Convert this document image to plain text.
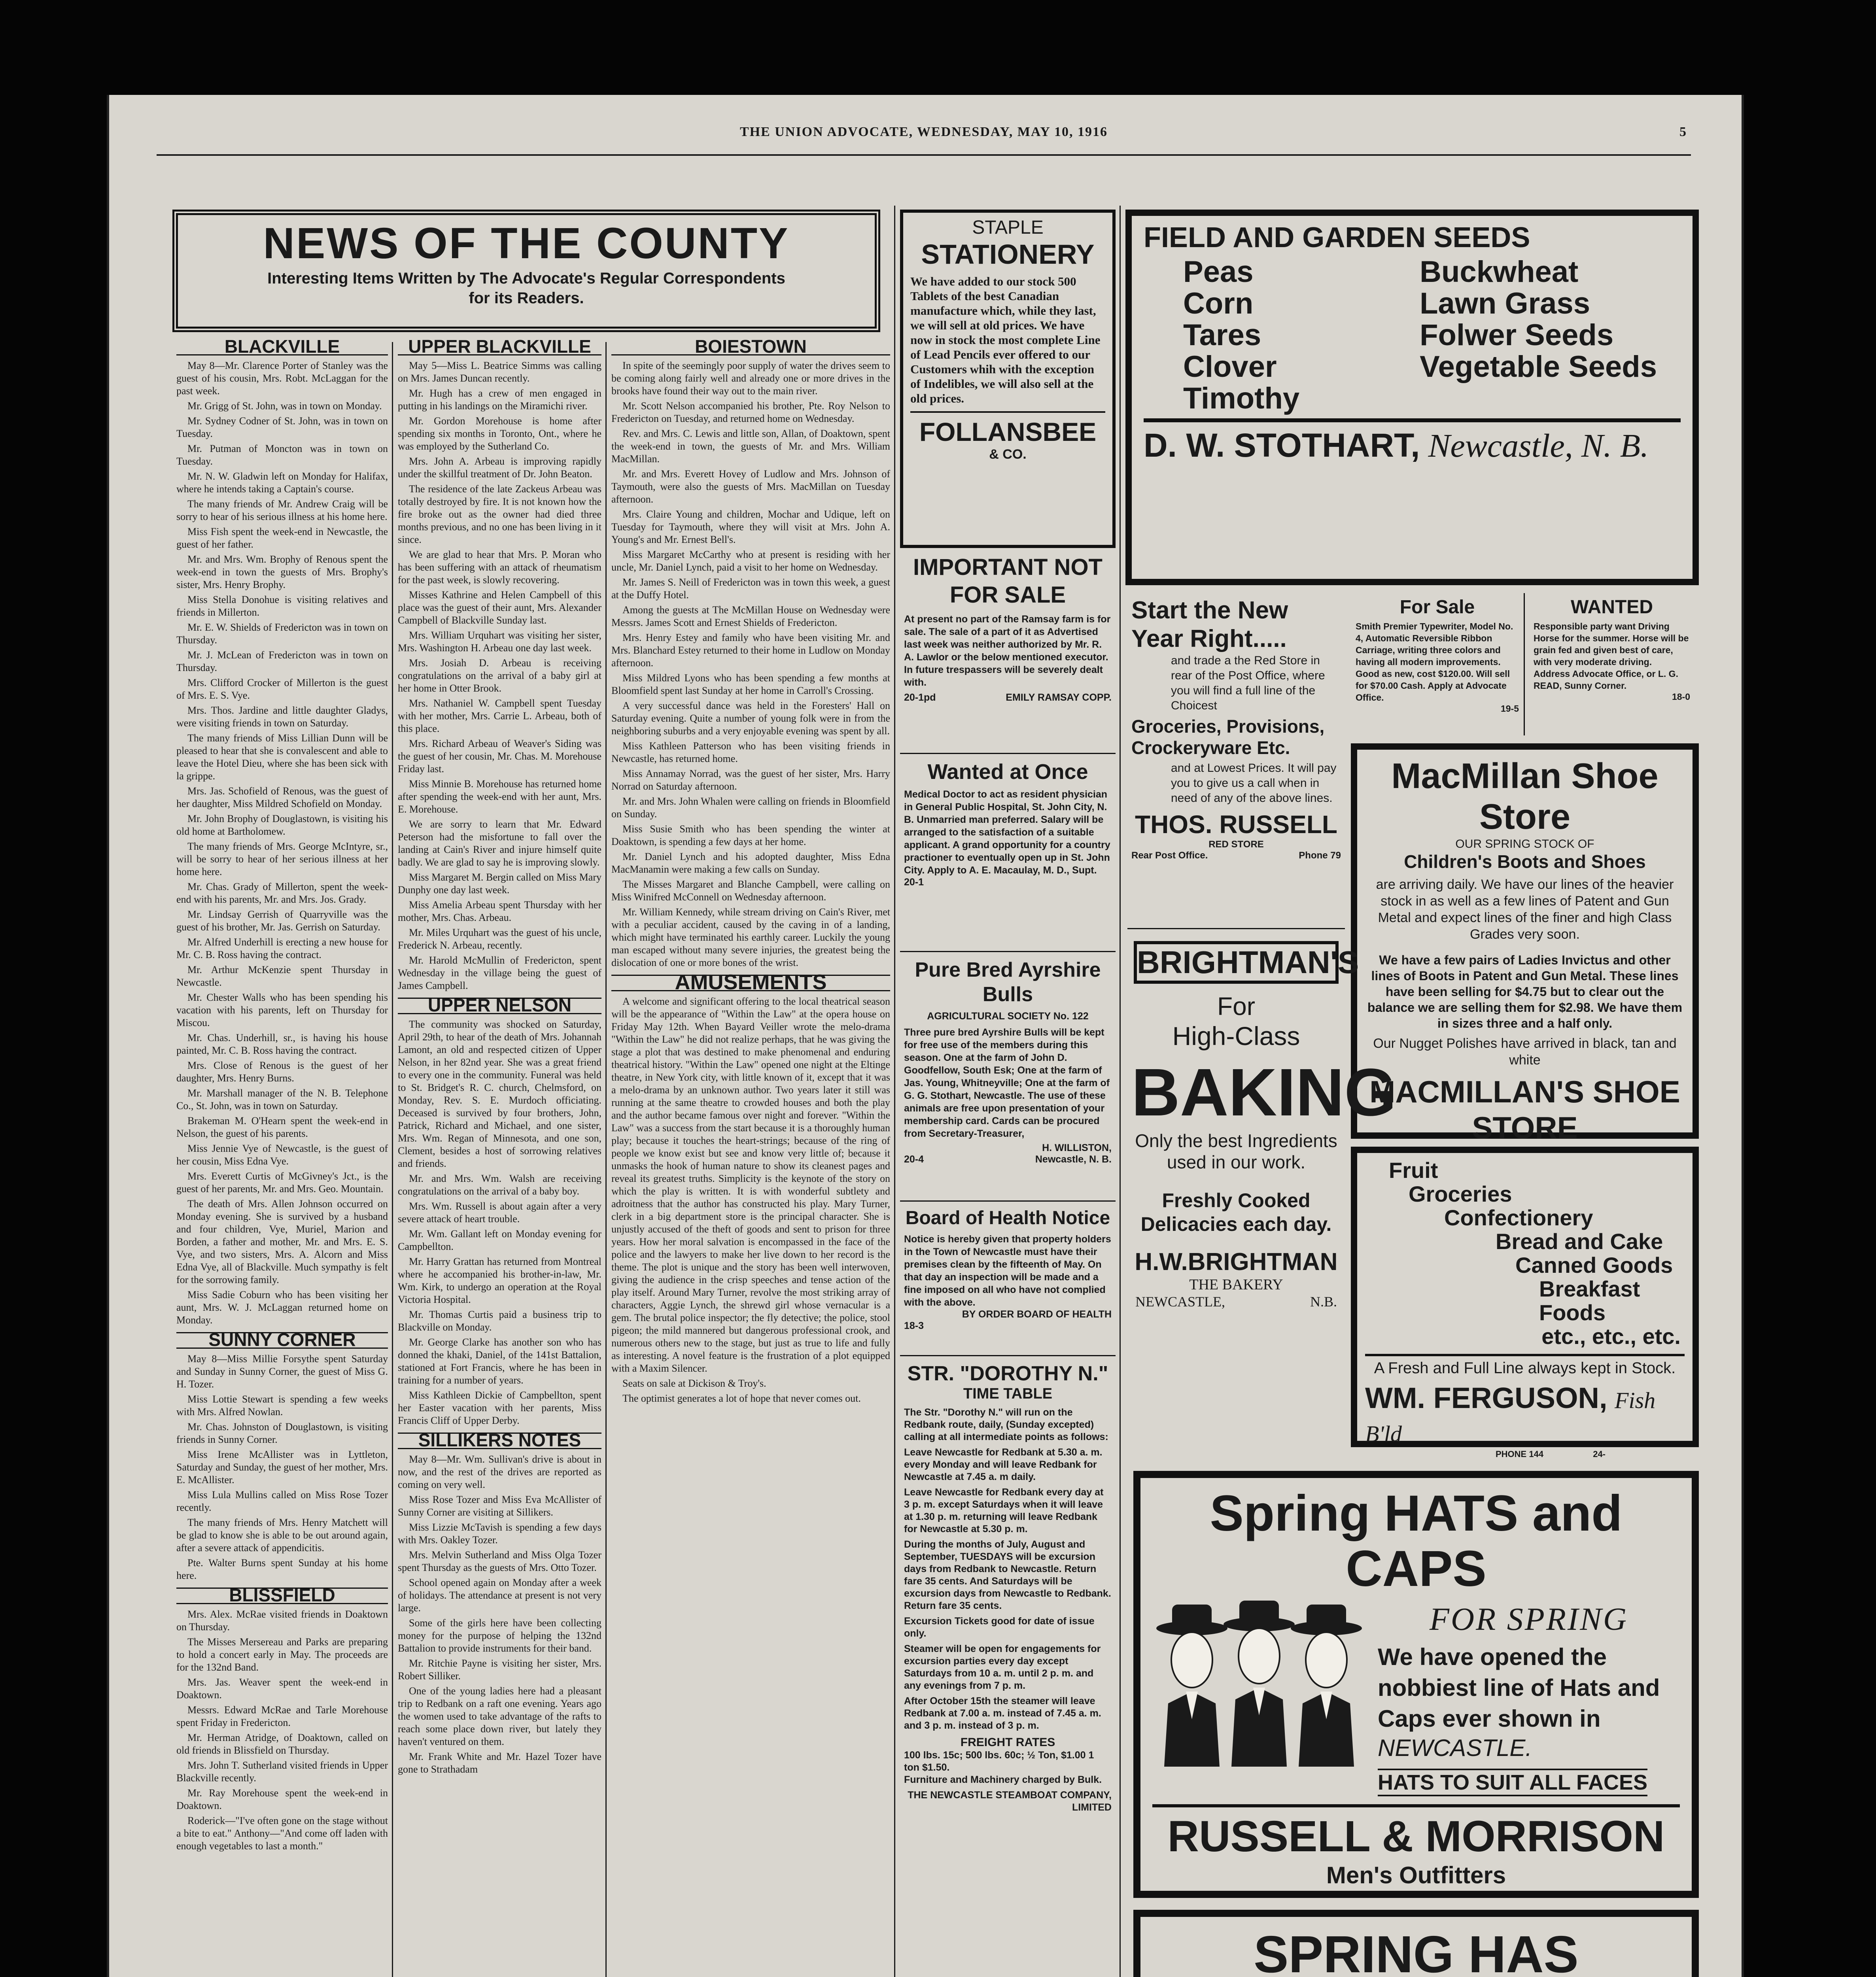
THE UNION ADVOCATE, WEDNESDAY, MAY 10, 1916	5
NEWS OF THE COUNTY
Interesting Items Written by The Advocate's Regular Correspondents for its Readers.
BLACKVILLE

May 8—Mr. Clarence Porter of Stanley was the guest of his cousin, Mrs. Robt. McLaggan for the past week.

Mr. Grigg of St. John, was in town on Monday.

Mr. Sydney Codner of St. John, was in town on Tuesday.

Mr. Putman of Moncton was in town on Tuesday.

Mr. N. W. Gladwin left on Monday for Halifax, where he intends taking a Captain's course.

The many friends of Mr. Andrew Craig will be sorry to hear of his serious illness at his home here.

Miss Fish spent the week-end in Newcastle, the guest of her father.

Mr. and Mrs. Wm. Brophy of Renous spent the week-end in town the guests of Mrs. Brophy's sister, Mrs. Henry Brophy.

Miss Stella Donohue is visiting relatives and friends in Millerton.

Mr. E. W. Shields of Fredericton was in town on Thursday.

Mr. J. McLean of Fredericton was in town on Thursday.

Mrs. Clifford Crocker of Millerton is the guest of Mrs. E. S. Vye.

Mrs. Thos. Jardine and little daughter Gladys, were visiting friends in town on Saturday.

The many friends of Miss Lillian Dunn will be pleased to hear that she is convalescent and able to leave the Hotel Dieu, where she has been sick with la grippe.

Mrs. Jas. Schofield of Renous, was the guest of her daughter, Miss Mildred Schofield on Monday.

Mr. John Brophy of Douglastown, is visiting his old home at Bartholomew.

The many friends of Mrs. George McIntyre, sr., will be sorry to hear of her serious illness at her home here.

Mr. Chas. Grady of Millerton, spent the week-end with his parents, Mr. and Mrs. Jos. Grady.

Mr. Lindsay Gerrish of Quarryville was the guest of his brother, Mr. Jas. Gerrish on Saturday.

Mr. Alfred Underhill is erecting a new house for Mr. C. B. Ross having the contract.

Mr. Arthur McKenzie spent Thursday in Newcastle.

Mr. Chester Walls who has been spending his vacation with his parents, left on Thursday for Miscou.

Mr. Chas. Underhill, sr., is having his house painted, Mr. C. B. Ross having the contract.

Mrs. Close of Renous is the guest of her daughter, Mrs. Henry Burns.

Mr. Marshall manager of the N. B. Telephone Co., St. John, was in town on Saturday.

Brakeman M. O'Hearn spent the week-end in Nelson, the guest of his parents.

Miss Jennie Vye of Newcastle, is the guest of her cousin, Miss Edna Vye.

Mrs. Everett Curtis of McGivney's Jct., is the guest of her parents, Mr. and Mrs. Geo. Mountain.

The death of Mrs. Allen Johnson occurred on Monday evening. She is survived by a husband and four children, Vye, Muriel, Marion and Borden, a father and mother, Mr. and Mrs. E. S. Vye, and two sisters, Mrs. A. Alcorn and Miss Edna Vye, all of Blackville. Much sympathy is felt for the sorrowing family.

Miss Sadie Coburn who has been visiting her aunt, Mrs. W. J. McLaggan returned home on Monday.

SUNNY CORNER

May 8—Miss Millie Forsythe spent Saturday and Sunday in Sunny Corner, the guest of Miss G. H. Tozer.

Miss Lottie Stewart is spending a few weeks with Mrs. Alfred Nowlan.

Mr. Chas. Johnston of Douglastown, is visiting friends in Sunny Corner.

Miss Irene McAllister was in Lyttleton, Saturday and Sunday, the guest of her mother, Mrs. E. McAllister.

Miss Lula Mullins called on Miss Rose Tozer recently.

The many friends of Mrs. Henry Matchett will be glad to know she is able to be out around again, after a severe attack of appendicitis.

Pte. Walter Burns spent Sunday at his home here.

BLISSFIELD

Mrs. Alex. McRae visited friends in Doaktown on Thursday.

The Misses Mersereau and Parks are preparing to hold a concert early in May. The proceeds are for the 132nd Band.

Mrs. Jas. Weaver spent the week-end in Doaktown.

Messrs. Edward McRae and Tarle Morehouse spent Friday in Fredericton.

Mr. Herman Atridge, of Doaktown, called on old friends in Blissfield on Thursday.

Mrs. John T. Sutherland visited friends in Upper Blackville recently.

Mr. Ray Morehouse spent the week-end in Doaktown.

Roderick—"I've often gone on the stage without a bite to eat." Anthony—"And come off laden with enough vegetables to last a month."

UPPER BLACKVILLE

May 5—Miss L. Beatrice Simms was calling on Mrs. James Duncan recently.

Mr. Hugh has a crew of men engaged in putting in his landings on the Miramichi river.

Mr. Gordon Morehouse is home after spending six months in Toronto, Ont., where he was employed by the Sutherland Co.

Mrs. John A. Arbeau is improving rapidly under the skillful treatment of Dr. John Beaton.

The residence of the late Zackeus Arbeau was totally destroyed by fire. It is not known how the fire broke out as the owner had died three months previous, and no one has been living in it since.

We are glad to hear that Mrs. P. Moran who has been suffering with an attack of rheumatism for the past week, is slowly recovering.

Misses Kathrine and Helen Campbell of this place was the guest of their aunt, Mrs. Alexander Campbell of Blackville Sunday last.

Mrs. William Urquhart was visiting her sister, Mrs. Washington H. Arbeau one day last week.

Mrs. Josiah D. Arbeau is receiving congratulations on the arrival of a baby girl at her home in Otter Brook.

Mrs. Nathaniel W. Campbell spent Tuesday with her mother, Mrs. Carrie L. Arbeau, both of this place.

Mrs. Richard Arbeau of Weaver's Siding was the guest of her cousin, Mr. Chas. M. Morehouse Friday last.

Miss Minnie B. Morehouse has returned home after spending the week-end with her aunt, Mrs. E. Morehouse.

We are sorry to learn that Mr. Edward Peterson had the misfortune to fall over the landing at Cain's River and injure himself quite badly. We are glad to say he is improving slowly.

Miss Margaret M. Bergin called on Miss Mary Dunphy one day last week.

Miss Amelia Arbeau spent Thursday with her mother, Mrs. Chas. Arbeau.

Mr. Miles Urquhart was the guest of his uncle, Frederick N. Arbeau, recently.

Mr. Harold McMullin of Fredericton, spent Wednesday in the village being the guest of James Campbell.

UPPER NELSON

The community was shocked on Saturday, April 29th, to hear of the death of Mrs. Johannah Lamont, an old and respected citizen of Upper Nelson, in her 82nd year. She was a great friend to every one in the community. Funeral was held to St. Bridget's R. C. church, Chelmsford, on Monday, Rev. S. E. Murdoch officiating. Deceased is survived by four brothers, John, Patrick, Richard and Michael, and one sister, Mrs. Wm. Regan of Minnesota, and one son, Clement, besides a host of sorrowing relatives and friends.

Mr. and Mrs. Wm. Walsh are receiving congratulations on the arrival of a baby boy.

Mrs. Wm. Russell is about again after a very severe attack of heart trouble.

Mr. Wm. Gallant left on Monday evening for Campbellton.

Mr. Harry Grattan has returned from Montreal where he accompanied his brother-in-law, Mr. Wm. Kirk, to undergo an operation at the Royal Victoria Hospital.

Mr. Thomas Curtis paid a business trip to Blackville on Monday.

Mr. George Clarke has another son who has donned the khaki, Daniel, of the 141st Battalion, stationed at Fort Francis, where he has been in training for a number of years.

Miss Kathleen Dickie of Campbellton, spent her Easter vacation with her parents, Miss Francis Cliff of Upper Derby.

SILLIKERS NOTES

May 8—Mr. Wm. Sullivan's drive is about in now, and the rest of the drives are reported as coming on very well.

Miss Rose Tozer and Miss Eva McAllister of Sunny Corner are visiting at Sillikers.

Miss Lizzie McTavish is spending a few days with Mrs. Oakley Tozer.

Mrs. Melvin Sutherland and Miss Olga Tozer spent Thursday as the guests of Mrs. Otto Tozer.

School opened again on Monday after a week of holidays. The attendance at present is not very large.

Some of the girls here have been collecting money for the purpose of helping the 132nd Battalion to provide instruments for their band.

Mr. Ritchie Payne is visiting her sister, Mrs. Robert Silliker.

One of the young ladies here had a pleasant trip to Redbank on a raft one evening. Years ago the women used to take advantage of the rafts to reach some place down river, but lately they haven't ventured on them.

Mr. Frank White and Mr. Hazel Tozer have gone to Strathadam

BOIESTOWN

In spite of the seemingly poor supply of water the drives seem to be coming along fairly well and already one or more drives in the brooks have found their way out to the main river.

Mr. Scott Nelson accompanied his brother, Pte. Roy Nelson to Fredericton on Tuesday, and returned home on Wednesday.

Rev. and Mrs. C. Lewis and little son, Allan, of Doaktown, spent the week-end in town, the guests of Mr. and Mrs. William MacMillan.

Mr. and Mrs. Everett Hovey of Ludlow and Mrs. Johnson of Taymouth, were also the guests of Mrs. MacMillan on Tuesday afternoon.

Mrs. Claire Young and children, Mochar and Udique, left on Tuesday for Taymouth, where they will visit at Mrs. John A. Young's and Mr. Ernest Bell's.

Miss Margaret McCarthy who at present is residing with her uncle, Mr. Daniel Lynch, paid a visit to her home on Wednesday.

Mr. James S. Neill of Fredericton was in town this week, a guest at the Duffy Hotel.

Among the guests at The McMillan House on Wednesday were Messrs. James Scott and Ernest Shields of Fredericton.

Mrs. Henry Estey and family who have been visiting Mr. and Mrs. Blanchard Estey returned to their home in Ludlow on Monday afternoon.

Miss Mildred Lyons who has been spending a few months at Bloomfield spent last Sunday at her home in Carroll's Crossing.

A very successful dance was held in the Foresters' Hall on Saturday evening. Quite a number of young folk were in from the neighboring suburbs and a very enjoyable evening was spent by all.

Miss Kathleen Patterson who has been visiting friends in Newcastle, has returned home.

Miss Annamay Norrad, was the guest of her sister, Mrs. Harry Norrad on Saturday afternoon.

Mr. and Mrs. John Whalen were calling on friends in Bloomfield on Sunday.

Miss Susie Smith who has been spending the winter at Doaktown, is spending a few days at her home.

Mr. Daniel Lynch and his adopted daughter, Miss Edna MacManamin were making a few calls on Sunday.

The Misses Margaret and Blanche Campbell, were calling on Miss Winifred McConnell on Wednesday afternoon.

Mr. William Kennedy, while stream driving on Cain's River, met with a peculiar accident, caused by the caving in of a landing, which might have terminated his earthly career. Luckily the young man escaped without many severe injuries, the greatest being the dislocation of one or more bones of the wrist.

AMUSEMENTS

A welcome and significant offering to the local theatrical season will be the appearance of "Within the Law" at the opera house on Friday May 12th. When Bayard Veiller wrote the melo-drama "Within the Law" he did not realize perhaps, that he was giving the stage a plot that was destined to make phenomenal and enduring theatrical history. "Within the Law" opened one night at the Eltinge theatre, in New York city, with little known of it, except that it was a melo-drama by an unknown author. Two years later it still was running at the same theatre to crowded houses and both the play and the author became famous over night and forever. "Within the Law" was a success from the start because it is a thoroughly human play; because it touches the heart-strings; because of the ring of people we know exist but see and know very little of; because it unmasks the hook of human nature to show its cleanest pages and reveal its greatest truths. Simplicity is the keynote of the story on which the play is written. It is with wonderful subtlety and adroitness that the author has constructed his play. Mary Turner, clerk in a big department store is the principal character. She is unjustly accused of the theft of goods and sent to prison for three years. How her moral salvation is encompassed in the face of the police and the lawyers to make her live down to her record is the theme. The plot is unique and the story has been well interwoven, giving the audience in the crisp speeches and tense action of the play itself. Around Mary Turner, revolve the most striking array of characters, Aggie Lynch, the shrewd girl whose vernacular is a gem. The brutal police inspector; the fly detective; the police, stool pigeon; the mild mannered but dangerous professional crook, and numerous others new to the stage, but just as true to life and fully as interesting. A novel feature is the frustration of a plot equipped with a Maxim Silencer.

Seats on sale at Dickison & Troy's.

The optimist generates a lot of hope that never comes out.

STAPLE
STATIONERY
We have added to our stock 500 Tablets of the best Canadian manufacture which, while they last, we will sell at old prices. We have now in stock the most complete Line of Lead Pencils ever offered to our Customers whih with the exception of Indelibles, we will also sell at the old prices.
FOLLANSBEE
& CO.
IMPORTANT NOT FOR SALE
At present no part of the Ramsay farm is for sale. The sale of a part of it as Advertised last week was neither authorized by Mr. R. A. Lawlor or the below mentioned executor. In future trespassers will be severely dealt with.
20-1pd	EMILY RAMSAY COPP.
Wanted at Once
Medical Doctor to act as resident physician in General Public Hospital, St. John City, N. B. Unmarried man preferred. Salary will be arranged to the satisfaction of a suitable applicant. A grand opportunity for a country practioner to eventually open up in St. John City. Apply to A. E. Macaulay, M. D., Supt.
20-1
Pure Bred Ayrshire Bulls
AGRICULTURAL SOCIETY No. 122
Three pure bred Ayrshire Bulls will be kept for free use of the members during this season. One at the farm of John D. Goodfellow, South Esk; One at the farm of Jas. Young, Whitneyville; One at the farm of G. G. Stothart, Newcastle. The use of these animals are free upon presentation of your membership card. Cards can be procured from Secretary-Treasurer,
H. WILLISTON,
20-4	Newcastle, N. B.
Board of Health Notice
Notice is hereby given that property holders in the Town of Newcastle must have their premises clean by the fifteenth of May. On that day an inspection will be made and a fine imposed on all who have not complied with the above.
BY ORDER BOARD OF HEALTH
18-3
STR. "DOROTHY N."
TIME TABLE

The Str. "Dorothy N." will run on the Redbank route, daily, (Sunday excepted) calling at all intermediate points as follows:

Leave Newcastle for Redbank at 5.30 a. m. every Monday and will leave Redbank for Newcastle at 7.45 a. m daily.

Leave Newcastle for Redbank every day at 3 p. m. except Saturdays when it will leave at 1.30 p. m. returning will leave Redbank for Newcastle at 5.30 p. m.

During the months of July, August and September, TUESDAYS will be excursion days from Redbank to Newcastle. Return fare 35 cents. And Saturdays will be excursion days from Newcastle to Redbank. Return fare 35 cents.

Excursion Tickets good for date of issue only.

Steamer will be open for engagements for excursion parties every day except Saturdays from 10 a. m. until 2 p. m. and any evenings from 7 p. m.

After October 15th the steamer will leave Redbank at 7.00 a. m. instead of 7.45 a. m. and 3 p. m. instead of 3 p. m.

FREIGHT RATES
100 lbs. 15c; 500 lbs. 60c; ½ Ton, $1.00 1 ton $1.50.
Furniture and Machinery charged by Bulk.
THE NEWCASTLE STEAMBOAT COMPANY, LIMITED
FIELD AND GARDEN SEEDS
Peas
Corn
Tares
Clover
Timothy
Buckwheat
Lawn Grass
Folwer Seeds
Vegetable Seeds
D. W. STOTHART, Newcastle, N. B.
Start the New Year Right.....
and trade a the Red Store in rear of the Post Office, where you will find a full line of the Choicest
Groceries, Provisions, Crockeryware Etc.
and at Lowest Prices. It will pay you to give us a call when in need of any of the above lines.
THOS. RUSSELL
RED STORE
Rear Post Office.	Phone 79
For Sale
Smith Premier Typewriter, Model No. 4, Automatic Reversible Ribbon Carriage, writing three colors and having all modern improvements. Good as new, cost $120.00. Will sell for $70.00 Cash. Apply at Advocate Office.
19-5
WANTED
Responsible party want Driving Horse for the summer. Horse will be grain fed and given best of care, with very moderate driving. Address Advocate Office, or L. G. READ, Sunny Corner.
18-0
MacMillan Shoe Store
OUR SPRING STOCK OF
Children's Boots and Shoes
are arriving daily. We have our lines of the heavier stock in as well as a few lines of Patent and Gun Metal and expect lines of the finer and high Class Grades very soon.
We have a few pairs of Ladies Invictus and other lines of Boots in Patent and Gun Metal. These lines have been selling for $4.75 but to clear out the balance we are selling them for $2.98. We have them in sizes three and a half only.
Our Nugget Polishes have arrived in black, tan and white
MACMILLAN'S SHOE STORE
BRIGHTMAN'S
For
High-Class
BAKING
Only the best Ingredients used in our work.
Freshly Cooked Delicacies each day.
H.W.BRIGHTMAN
THE BAKERY
NEWCASTLE,	N.B.
Fruit
Groceries
Confectionery
Bread and Cake
Canned Goods
Breakfast Foods
etc., etc., etc.
A Fresh and Full Line always kept in Stock.
WM. FERGUSON, Fish B'ld
PHONE 144	24-
Spring HATS and CAPS
FOR SPRING
We have opened the nobbiest line of Hats and Caps ever shown in
NEWCASTLE.
HATS TO SUIT ALL FACES
RUSSELL & MORRISON
Men's Outfitters
SPRING HAS
